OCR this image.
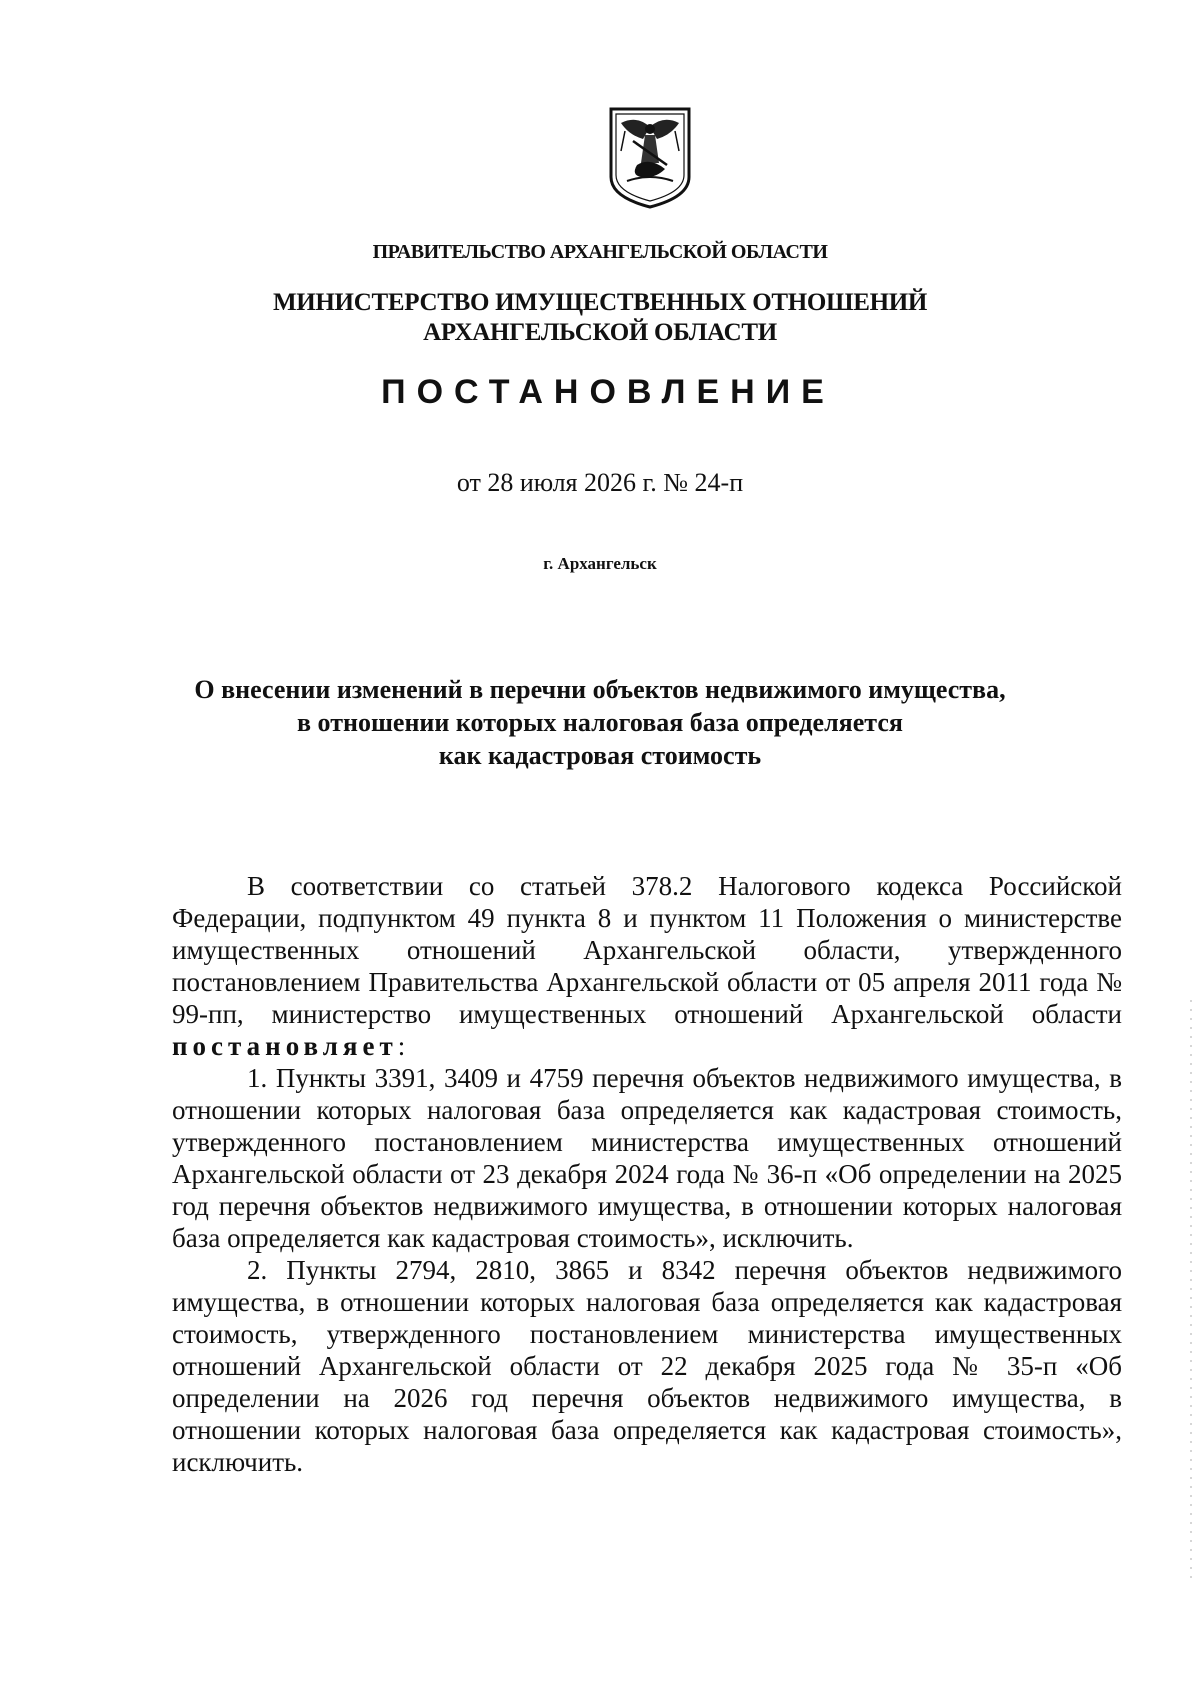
ПРАВИТЕЛЬСТВО АРХАНГЕЛЬСКОЙ ОБЛАСТИ
МИНИСТЕРСТВО ИМУЩЕСТВЕННЫХ ОТНОШЕНИЙ
АРХАНГЕЛЬСКОЙ ОБЛАСТИ
ПОСТАНОВЛЕНИЕ
от 28 июля 2026 г. № 24-п
г. Архангельск
О внесении изменений в перечни объектов недвижимого имущества,
в отношении которых налоговая база определяется
как кадастровая стоимость

В соответствии со статьей 378.2 Налогового кодекса Российской Федерации, подпунктом 49 пункта 8 и пунктом 11 Положения о министерстве имущественных отношений Архангельской области, утвержденного постановлением Правительства Архангельской области от 05 апреля 2011 года № 99-пп, министерство имущественных отношений Архангельской области постановляет:

1. Пункты 3391, 3409 и 4759 перечня объектов недвижимого имущества, в отношении которых налоговая база определяется как кадастровая стоимость, утвержденного постановлением министерства имущественных отношений Архангельской области от 23 декабря 2024 года № 36-п «Об определении на 2025 год перечня объектов недвижимого имущества, в отношении которых налоговая база определяется как кадастровая стоимость», исключить.

2. Пункты 2794, 2810, 3865 и 8342 перечня объектов недвижимого имущества, в отношении которых налоговая база определяется как кадастровая стоимость, утвержденного постановлением министерства имущественных отношений Архангельской области от 22 декабря 2025 года № 35-п «Об определении на 2026 год перечня объектов недвижимого имущества, в отношении которых налоговая база определяется как кадастровая стоимость», исключить.
